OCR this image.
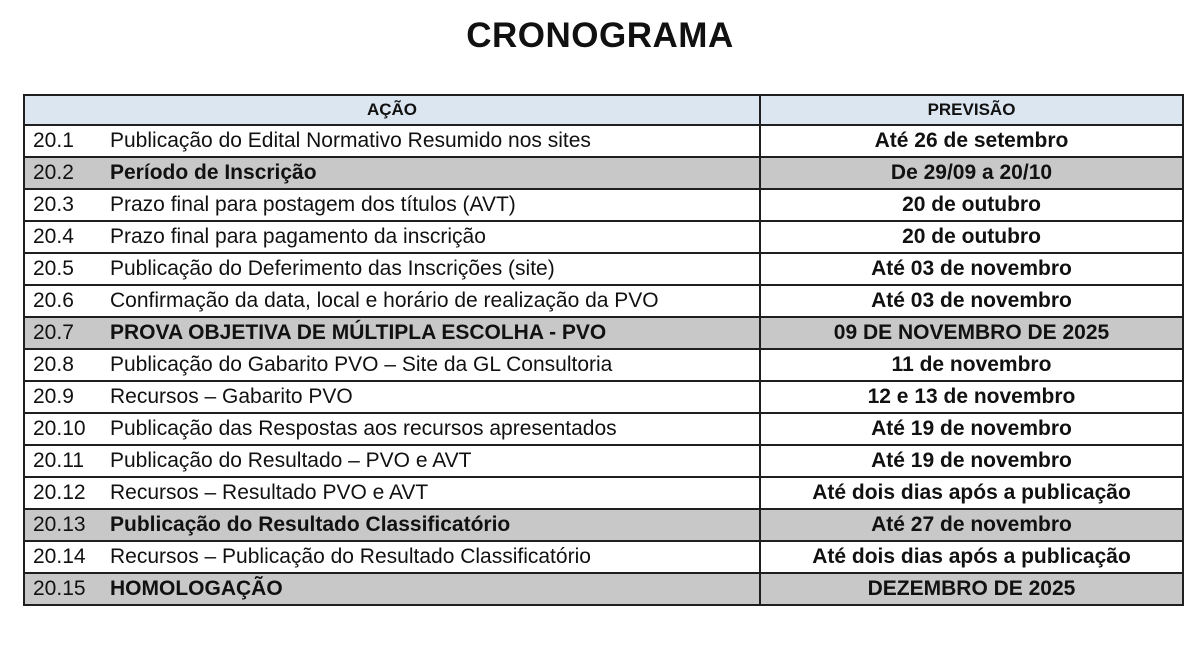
CRONOGRAMA
AÇÃO		PREVISÃO
20.1	Publicação do Edital Normativo Resumido nos sites	Até 26 de setembro
20.2	Período de Inscrição	De 29/09 a 20/10
20.3	Prazo final para postagem dos títulos (AVT)	20 de outubro
20.4	Prazo final para pagamento da inscrição	20 de outubro
20.5	Publicação do Deferimento das Inscrições (site)	Até 03 de novembro
20.6	Confirmação da data, local e horário de realização da PVO	Até 03 de novembro
20.7	PROVA OBJETIVA DE MÚLTIPLA ESCOLHA - PVO	09 DE NOVEMBRO DE 2025
20.8	Publicação do Gabarito PVO – Site da GL Consultoria	11 de novembro
20.9	Recursos – Gabarito PVO	12 e 13 de novembro
20.10	Publicação das Respostas aos recursos apresentados	Até 19 de novembro
20.11	Publicação do Resultado – PVO e AVT	Até 19 de novembro
20.12	Recursos – Resultado PVO e AVT	Até dois dias após a publicação
20.13	Publicação do Resultado Classificatório	Até 27 de novembro
20.14	Recursos – Publicação do Resultado Classificatório	Até dois dias após a publicação
20.15	HOMOLOGAÇÃO	DEZEMBRO DE 2025
